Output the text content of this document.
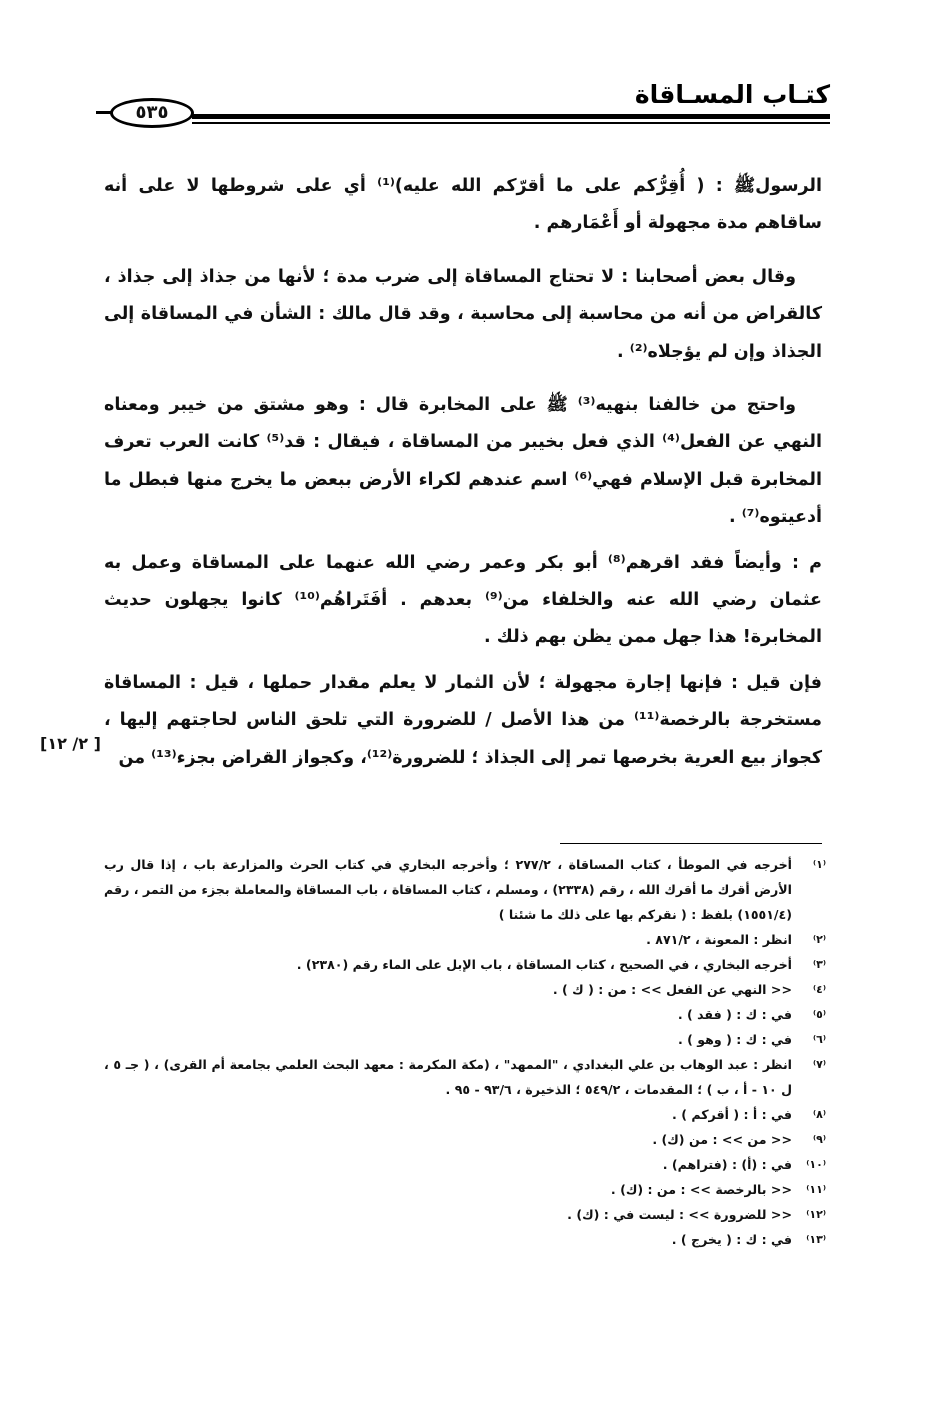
كتـاب المسـاقاة
٥٣٥

الرسولﷺ : ( أُقِرُّكم على ما أقرّكم الله عليه)⁽¹⁾ أي على شروطها لا على أنه ساقاهم مدة مجهولة أو أَعْمَارهم .

وقال بعض أصحابنا : لا تحتاج المساقاة إلى ضرب مدة ؛ لأنها من جذاذ إلى جذاذ ، كالقراض من أنه من محاسبة إلى محاسبة ، وقد قال مالك : الشأن في المساقاة إلى الجذاذ وإن لم يؤجلاه⁽²⁾ .

واحتج من خالفنا بنهيه⁽³⁾ ﷺ على المخابرة قال : وهو مشتق من خيبر ومعناه النهي عن الفعل⁽⁴⁾ الذي فعل بخيبر من المساقاة ، فيقال : قد⁽⁵⁾ كانت العرب تعرف المخابرة قبل الإسلام فهي⁽⁶⁾ اسم عندهم لكراء الأرض ببعض ما يخرج منها فبطل ما أدعيتوه⁽⁷⁾ .

م : وأيضاً فقد اقرهم⁽⁸⁾ أبو بكر وعمر رضي الله عنهما على المساقاة وعمل به عثمان رضي الله عنه والخلفاء من⁽⁹⁾ بعدهم . أفَتَراهُم⁽¹⁰⁾ كانوا يجهلون حديث المخابرة! هذا جهل ممن يظن بهم ذلك .

فإن قيل : فإنها إجارة مجهولة ؛ لأن الثمار لا يعلم مقدار حملها ، قيل : المساقاة مستخرجة بالرخصة⁽¹¹⁾ من هذا الأصل / للضرورة التي تلحق الناس لحاجتهم إليها ، كجواز بيع العرية بخرصها تمر إلى الجذاذ ؛ للضرورة⁽¹²⁾، وكجواز القراض بجزء⁽¹³⁾ من

[٢/ ١٢ ]
⁽١⁾
أخرجه في الموطأ ، كتاب المساقاة ، ٢٧٧/٢ ؛ وأخرجه البخاري في كتاب الحرث والمزارعة باب ، إذا قال رب الأرض أقرك ما أقرك الله ، رقم (٢٣٣٨) ، ومسلم ، كتاب المساقاة ، باب المساقاة والمعاملة بجزء من التمر ، رقم (١٥٥١/٤) بلفظ : ( نقركم بها على ذلك ما شئنا )
⁽٢⁾
انظر : المعونة ، ٨٧١/٢ .
⁽٣⁾
أخرجه البخاري ، في الصحيح ، كتاب المساقاة ، باب الإبل على الماء رقم (٢٣٨٠) .
⁽٤⁾
<< النهي عن الفعل >> : من : ( ك ) .
⁽٥⁾
في : ك : ( فقد ) .
⁽٦⁾
في : ك : ( وهو ) .
⁽٧⁾
انظر : عبد الوهاب بن علي البغدادي ، "الممهد" ، (مكة المكرمة : معهد البحث العلمي بجامعة أم القرى) ، ( جـ ٥ ، ل ١٠ - أ ، ب ) ؛ المقدمات ، ٥٤٩/٢ ؛ الذخيرة ، ٩٣/٦ - ٩٥ .
⁽٨⁾
في : أ : ( أقركم ) .
⁽٩⁾
<< من >> : من (ك) .
⁽١٠⁾
في : (أ) : (فتراهم) .
⁽١١⁾
<< بالرخصة >> : من : (ك) .
⁽١٢⁾
<< للضرورة >> : ليست في : (ك) .
⁽١٣⁾
في : ك : ( يخرج ) .
